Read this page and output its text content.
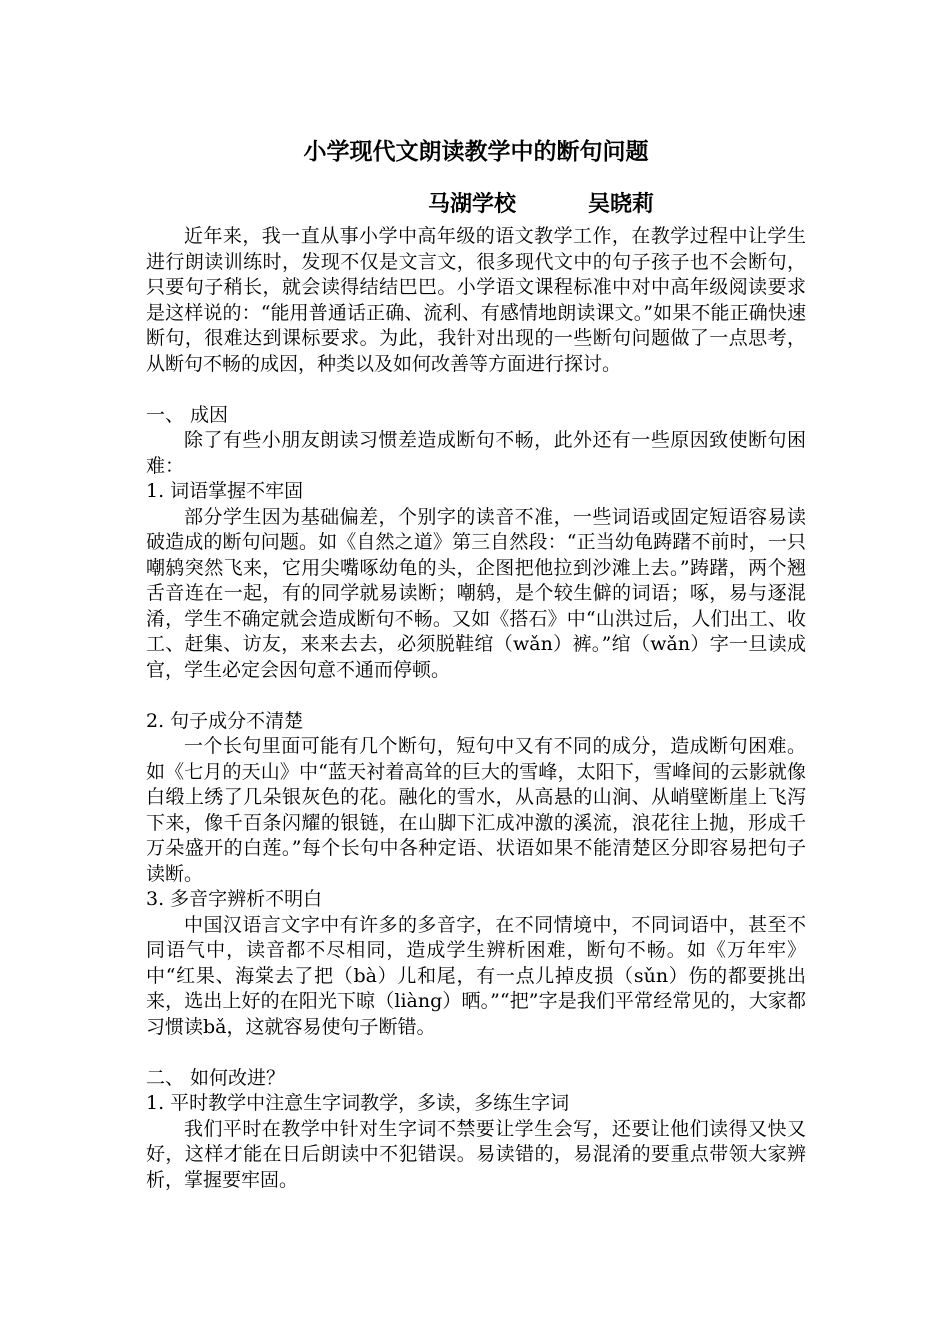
小学现代文朗读教学中的断句问题
马湖学校	吴晓莉

近年来，我一直从事小学中高年级的语文教学工作，在教学过程中让学生进行朗读训练时，发现不仅是文言文，很多现代文中的句子孩子也不会断句，只要句子稍长，就会读得结结巴巴。小学语文课程标准中对中高年级阅读要求是这样说的：“能用普通话正确、流利、有感情地朗读课文。”如果不能正确快速断句，很难达到课标要求。为此，我针对出现的一些断句问题做了一点思考，从断句不畅的成因，种类以及如何改善等方面进行探讨。

一、 成因

除了有些小朋友朗读习惯差造成断句不畅，此外还有一些原因致使断句困难：

1. 词语掌握不牢固

部分学生因为基础偏差，个别字的读音不准，一些词语或固定短语容易读破造成的断句问题。如《自然之道》第三自然段：“正当幼龟踌躇不前时，一只嘲鸫突然飞来，它用尖嘴啄幼龟的头，企图把他拉到沙滩上去。”踌躇，两个翘舌音连在一起，有的同学就易读断；嘲鸫，是个较生僻的词语；啄，易与逐混淆，学生不确定就会造成断句不畅。又如《搭石》中“山洪过后，人们出工、收工、赶集、访友，来来去去，必须脱鞋绾（wǎn）裤。”绾（wǎn）字一旦读成官，学生必定会因句意不通而停顿。

2. 句子成分不清楚

一个长句里面可能有几个断句，短句中又有不同的成分，造成断句困难。如《七月的天山》中“蓝天衬着高耸的巨大的雪峰，太阳下，雪峰间的云影就像白缎上绣了几朵银灰色的花。融化的雪水，从高悬的山涧、从峭壁断崖上飞泻下来，像千百条闪耀的银链，在山脚下汇成冲激的溪流，浪花往上抛，形成千万朵盛开的白莲。”每个长句中各种定语、状语如果不能清楚区分即容易把句子读断。

3. 多音字辨析不明白

中国汉语言文字中有许多的多音字，在不同情境中，不同词语中，甚至不同语气中，读音都不尽相同，造成学生辨析困难，断句不畅。如《万年牢》中“红果、海棠去了把（bà）儿和尾，有一点儿掉皮损（sǔn）伤的都要挑出来，选出上好的在阳光下晾（liàng）晒。”“把”字是我们平常经常见的，大家都习惯读bǎ，这就容易使句子断错。

二、 如何改进？
1. 平时教学中注意生字词教学，多读，多练生字词

我们平时在教学中针对生字词不禁要让学生会写，还要让他们读得又快又好，这样才能在日后朗读中不犯错误。易读错的，易混淆的要重点带领大家辨析，掌握要牢固。
